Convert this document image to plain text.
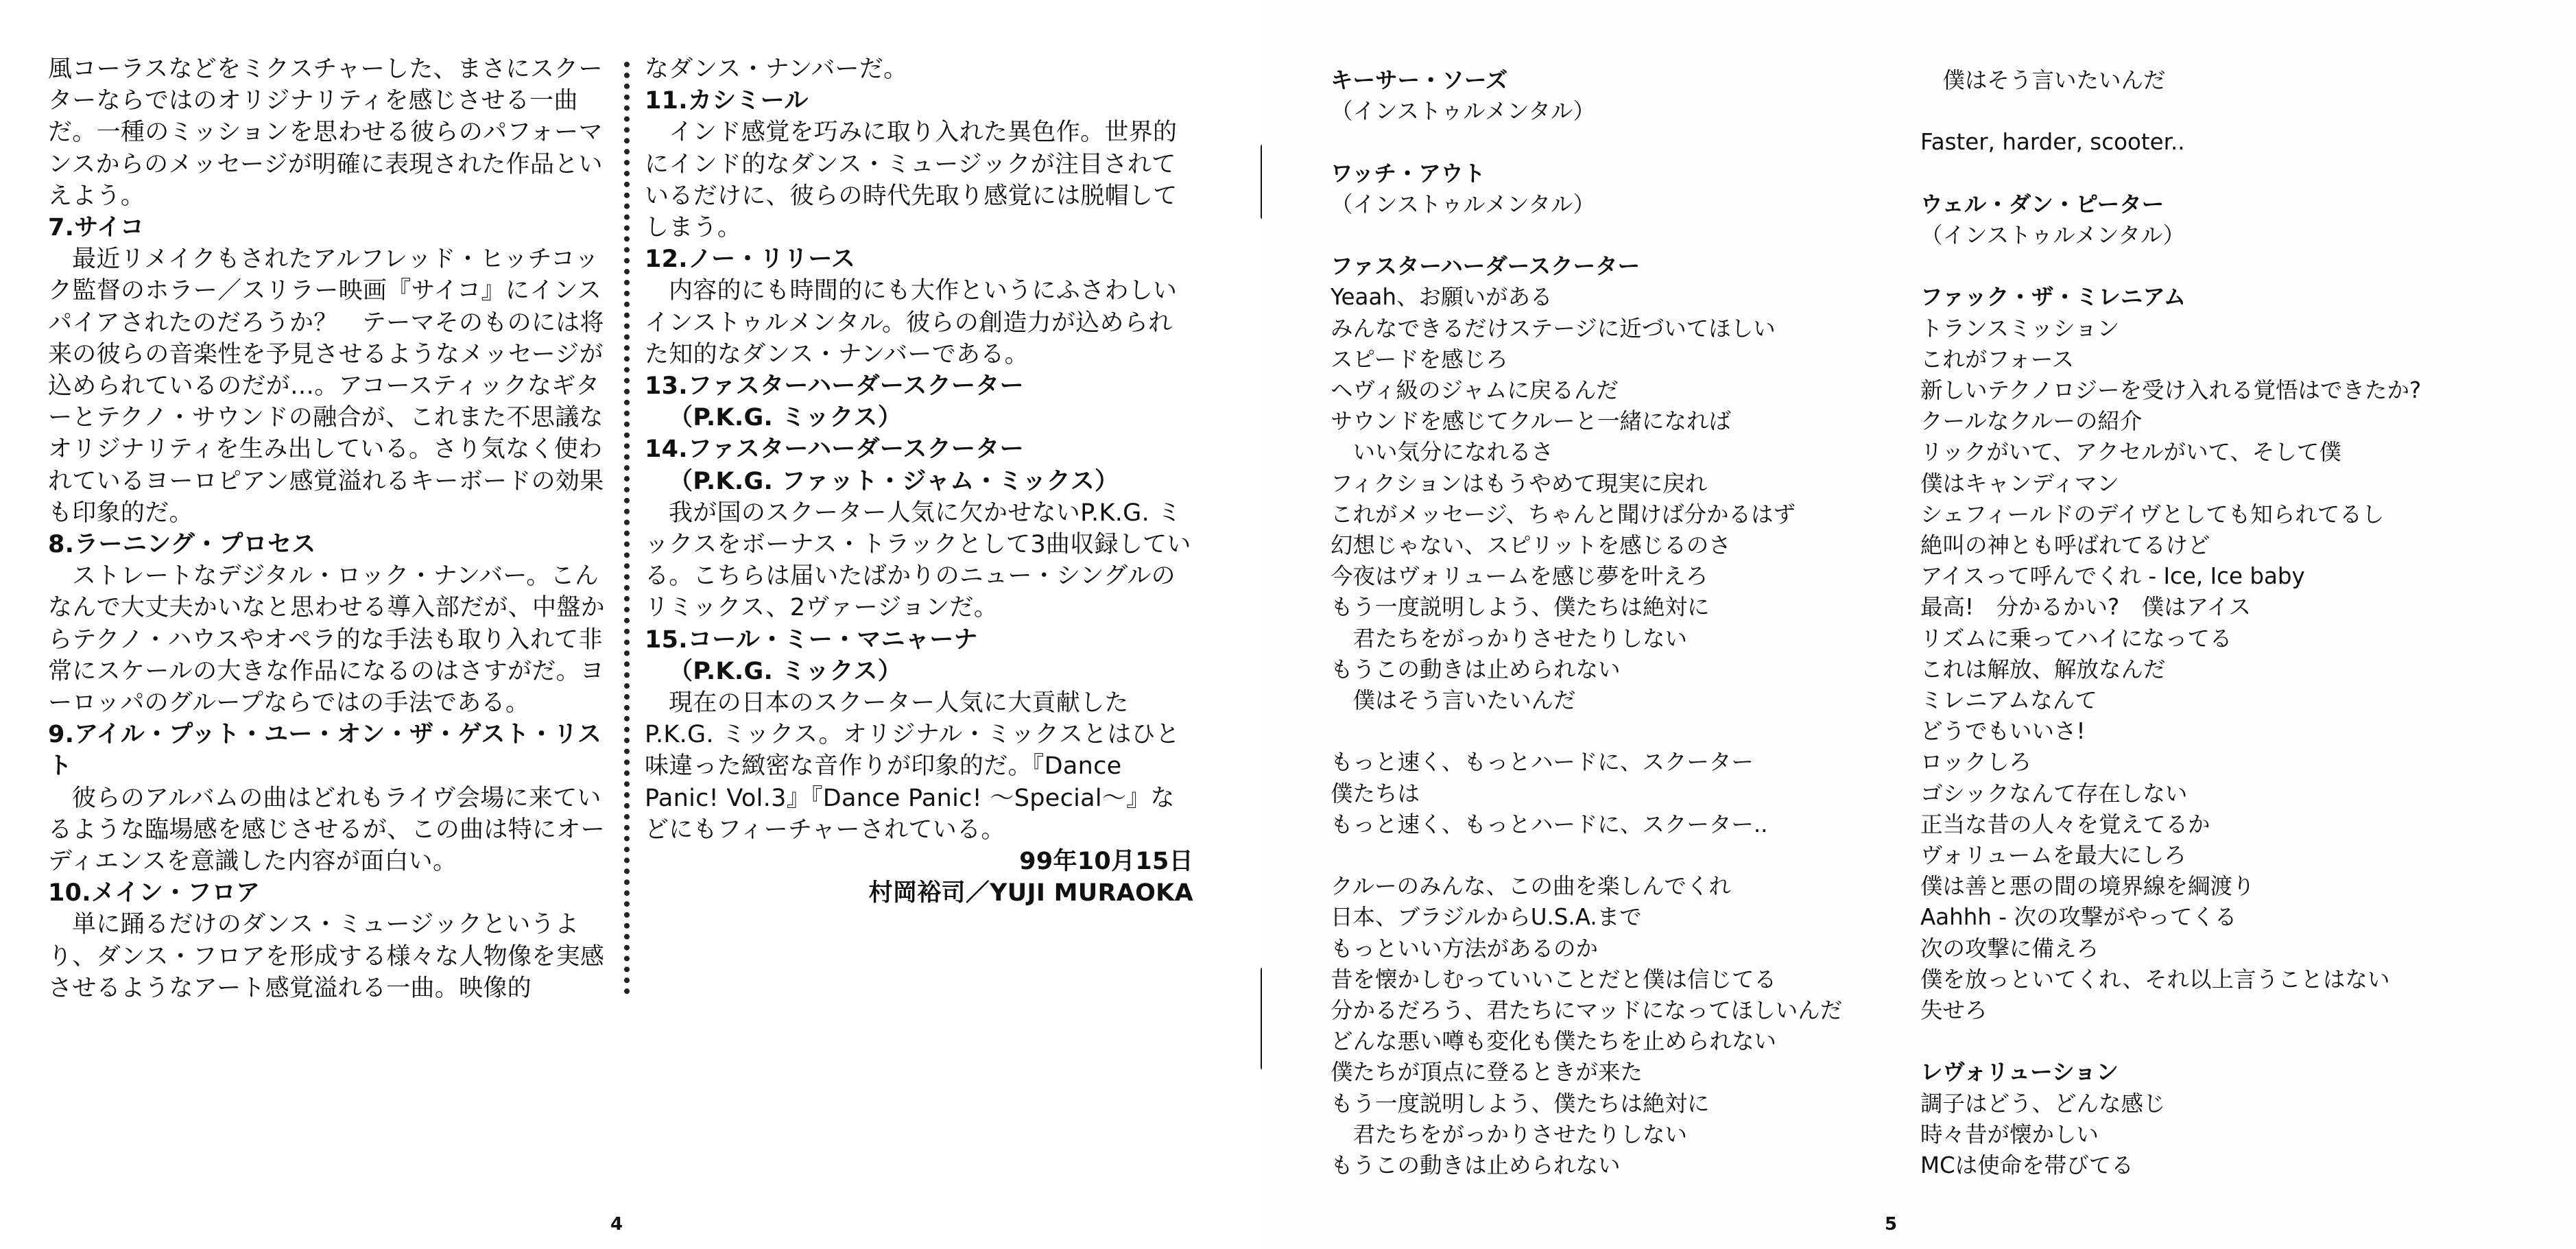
風コーラスなどをミクスチャーした、まさにスクーターならではのオリジナリティを感じさせる一曲だ。一種のミッションを思わせる彼らのパフォーマンスからのメッセージが明確に表現された作品といえよう。

7.サイコ

最近リメイクもされたアルフレッド・ヒッチコック監督のホラー／スリラー映画『サイコ』にインスパイアされたのだろうか？　テーマそのものには将来の彼らの音楽性を予見させるようなメッセージが込められているのだが…。アコースティックなギターとテクノ・サウンドの融合が、これまた不思議なオリジナリティを生み出している。さり気なく使われているヨーロピアン感覚溢れるキーボードの効果も印象的だ。

8.ラーニング・プロセス

ストレートなデジタル・ロック・ナンバー。こんなんで大丈夫かいなと思わせる導入部だが、中盤からテクノ・ハウスやオペラ的な手法も取り入れて非常にスケールの大きな作品になるのはさすがだ。ヨーロッパのグループならではの手法である。

9.アイル・プット・ユー・オン・ザ・ゲスト・リスト

彼らのアルバムの曲はどれもライヴ会場に来ているような臨場感を感じさせるが、この曲は特にオーディエンスを意識した内容が面白い。

10.メイン・フロア

単に踊るだけのダンス・ミュージックというより、ダンス・フロアを形成する様々な人物像を実感させるようなアート感覚溢れる一曲。映像的

なダンス・ナンバーだ。

11.カシミール

インド感覚を巧みに取り入れた異色作。世界的にインド的なダンス・ミュージックが注目されているだけに、彼らの時代先取り感覚には脱帽してしまう。

12.ノー・リリース

内容的にも時間的にも大作というにふさわしいインストゥルメンタル。彼らの創造力が込められた知的なダンス・ナンバーである。

13.ファスターハーダースクーター

（P.K.G. ミックス）

14.ファスターハーダースクーター

（P.K.G. ファット・ジャム・ミックス）

我が国のスクーター人気に欠かせないP.K.G. ミックスをボーナス・トラックとして3曲収録している。こちらは届いたばかりのニュー・シングルのリミックス、2ヴァージョンだ。

15.コール・ミー・マニャーナ

（P.K.G. ミックス）

現在の日本のスクーター人気に大貢献したP.K.G. ミックス。オリジナル・ミックスとはひと味違った緻密な音作りが印象的だ。『Dance Panic! Vol.3』『Dance Panic! 〜Special〜』などにもフィーチャーされている。

99年10月15日

村岡裕司／YUJI MURAOKA

4

キーサー・ソーズ

（インストゥルメンタル）

ワッチ・アウト

（インストゥルメンタル）

ファスターハーダースクーター

Yeaah、お願いがある

みんなできるだけステージに近づいてほしい

スピードを感じろ

ヘヴィ級のジャムに戻るんだ

サウンドを感じてクルーと一緒になれば

いい気分になれるさ

フィクションはもうやめて現実に戻れ

これがメッセージ、ちゃんと聞けば分かるはず

幻想じゃない、スピリットを感じるのさ

今夜はヴォリュームを感じ夢を叶えろ

もう一度説明しよう、僕たちは絶対に

君たちをがっかりさせたりしない

もうこの動きは止められない

僕はそう言いたいんだ

もっと速く、もっとハードに、スクーター

僕たちは

もっと速く、もっとハードに、スクーター..

クルーのみんな、この曲を楽しんでくれ

日本、ブラジルからU.S.A.まで

もっといい方法があるのか

昔を懐かしむっていいことだと僕は信じてる

分かるだろう、君たちにマッドになってほしいんだ

どんな悪い噂も変化も僕たちを止められない

僕たちが頂点に登るときが来た

もう一度説明しよう、僕たちは絶対に

君たちをがっかりさせたりしない

もうこの動きは止められない

僕はそう言いたいんだ

Faster, harder, scooter..

ウェル・ダン・ピーター

（インストゥルメンタル）

ファック・ザ・ミレニアム

トランスミッション

これがフォース

新しいテクノロジーを受け入れる覚悟はできたか?

クールなクルーの紹介

リックがいて、アクセルがいて、そして僕

僕はキャンディマン

シェフィールドのデイヴとしても知られてるし

絶叫の神とも呼ばれてるけど

アイスって呼んでくれ - Ice, Ice baby

最高!　分かるかい?　僕はアイス

リズムに乗ってハイになってる

これは解放、解放なんだ

ミレニアムなんて

どうでもいいさ!

ロックしろ

ゴシックなんて存在しない

正当な昔の人々を覚えてるか

ヴォリュームを最大にしろ

僕は善と悪の間の境界線を綱渡り

Aahhh - 次の攻撃がやってくる

次の攻撃に備えろ

僕を放っといてくれ、それ以上言うことはない

失せろ

レヴォリューション

調子はどう、どんな感じ

時々昔が懐かしい

MCは使命を帯びてる

5
